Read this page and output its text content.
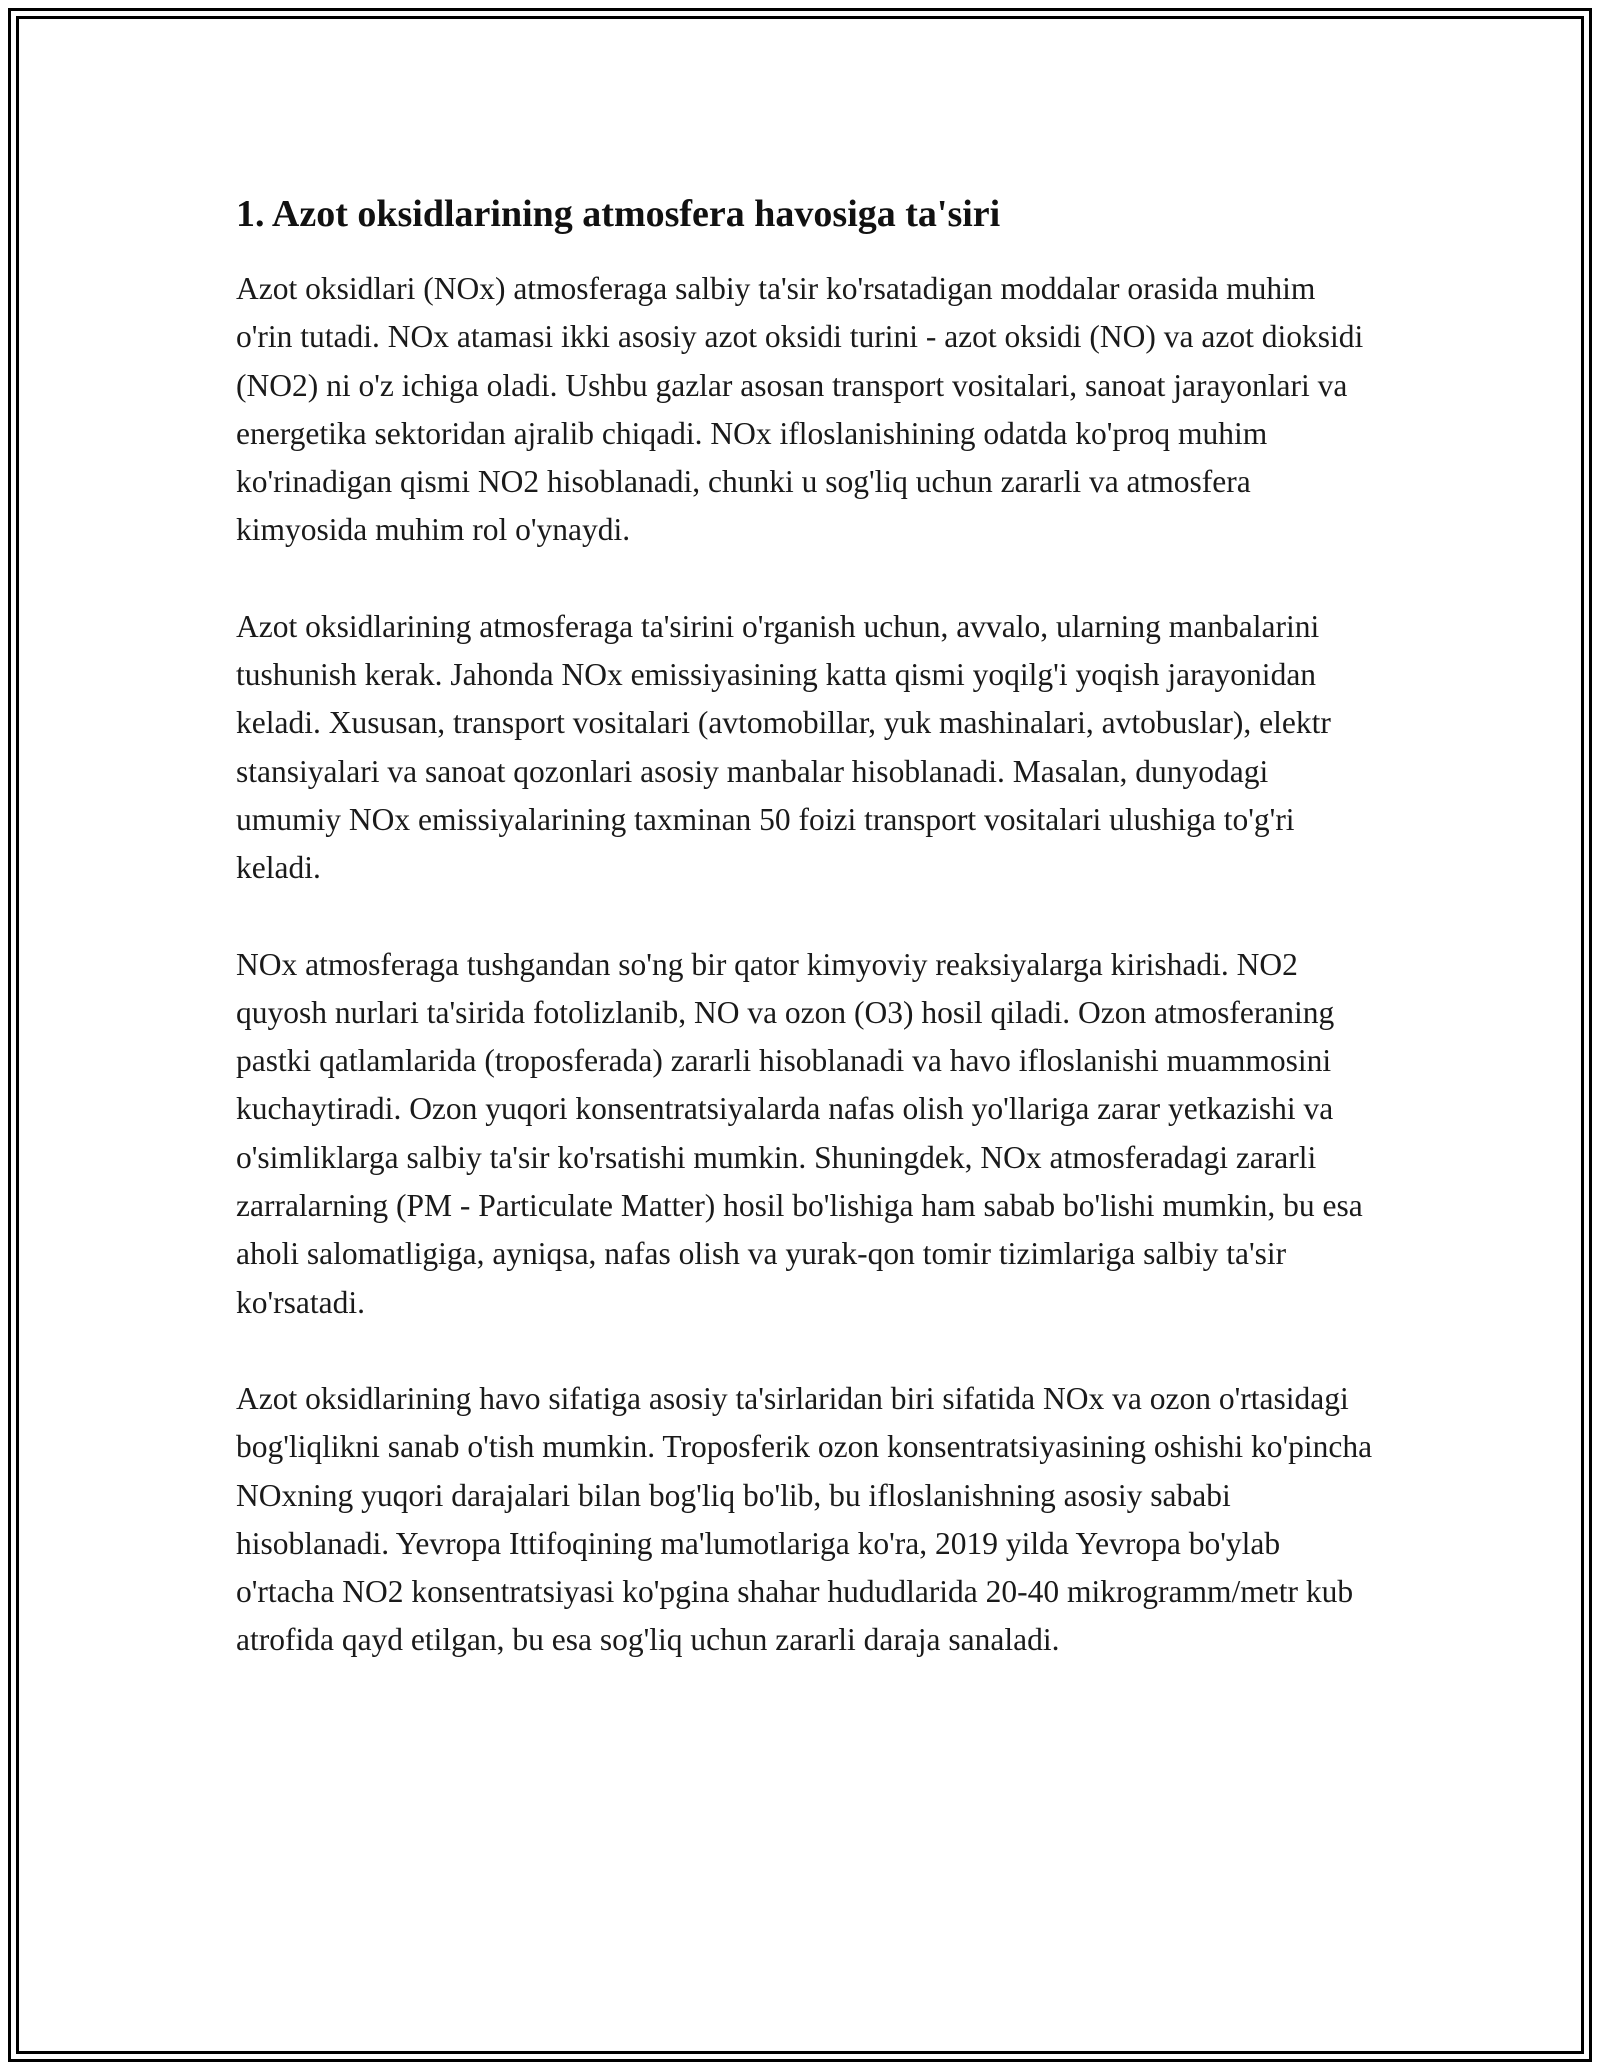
1. Azot oksidlarining atmosfera havosiga ta'siri

Azot oksidlari (NOx) atmosferaga salbiy ta'sir ko'rsatadigan moddalar orasida muhim o'rin tutadi. NOx atamasi ikki asosiy azot oksidi turini - azot oksidi (NO) va azot dioksidi (NO2) ni o'z ichiga oladi. Ushbu gazlar asosan transport vositalari, sanoat jarayonlari va energetika sektoridan ajralib chiqadi. NOx ifloslanishining odatda ko'proq muhim ko'rinadigan qismi NO2 hisoblanadi, chunki u sog'liq uchun zararli va atmosfera kimyosida muhim rol o'ynaydi.

Azot oksidlarining atmosferaga ta'sirini o'rganish uchun, avvalo, ularning manbalarini tushunish kerak. Jahonda NOx emissiyasining katta qismi yoqilg'i yoqish jarayonidan keladi. Xususan, transport vositalari (avtomobillar, yuk mashinalari, avtobuslar), elektr stansiyalari va sanoat qozonlari asosiy manbalar hisoblanadi. Masalan, dunyodagi umumiy NOx emissiyalarining taxminan 50 foizi transport vositalari ulushiga to'g'ri keladi.

NOx atmosferaga tushgandan so'ng bir qator kimyoviy reaksiyalarga kirishadi. NO2 quyosh nurlari ta'sirida fotolizlanib, NO va ozon (O3) hosil qiladi. Ozon atmosferaning pastki qatlamlarida (troposferada) zararli hisoblanadi va havo ifloslanishi muammosini kuchaytiradi. Ozon yuqori konsentratsiyalarda nafas olish yo'llariga zarar yetkazishi va o'simliklarga salbiy ta'sir ko'rsatishi mumkin. Shuningdek, NOx atmosferadagi zararli zarralarning (PM - Particulate Matter) hosil bo'lishiga ham sabab bo'lishi mumkin, bu esa aholi salomatligiga, ayniqsa, nafas olish va yurak-qon tomir tizimlariga salbiy ta'sir ko'rsatadi.

Azot oksidlarining havo sifatiga asosiy ta'sirlaridan biri sifatida NOx va ozon o'rtasidagi bog'liqlikni sanab o'tish mumkin. Troposferik ozon konsentratsiyasining oshishi ko'pincha NOxning yuqori darajalari bilan bog'liq bo'lib, bu ifloslanishning asosiy sababi hisoblanadi. Yevropa Ittifoqining ma'lumotlariga ko'ra, 2019 yilda Yevropa bo'ylab o'rtacha NO2 konsentratsiyasi ko'pgina shahar hududlarida 20-40 mikrogramm/metr kub atrofida qayd etilgan, bu esa sog'liq uchun zararli daraja sanaladi.
